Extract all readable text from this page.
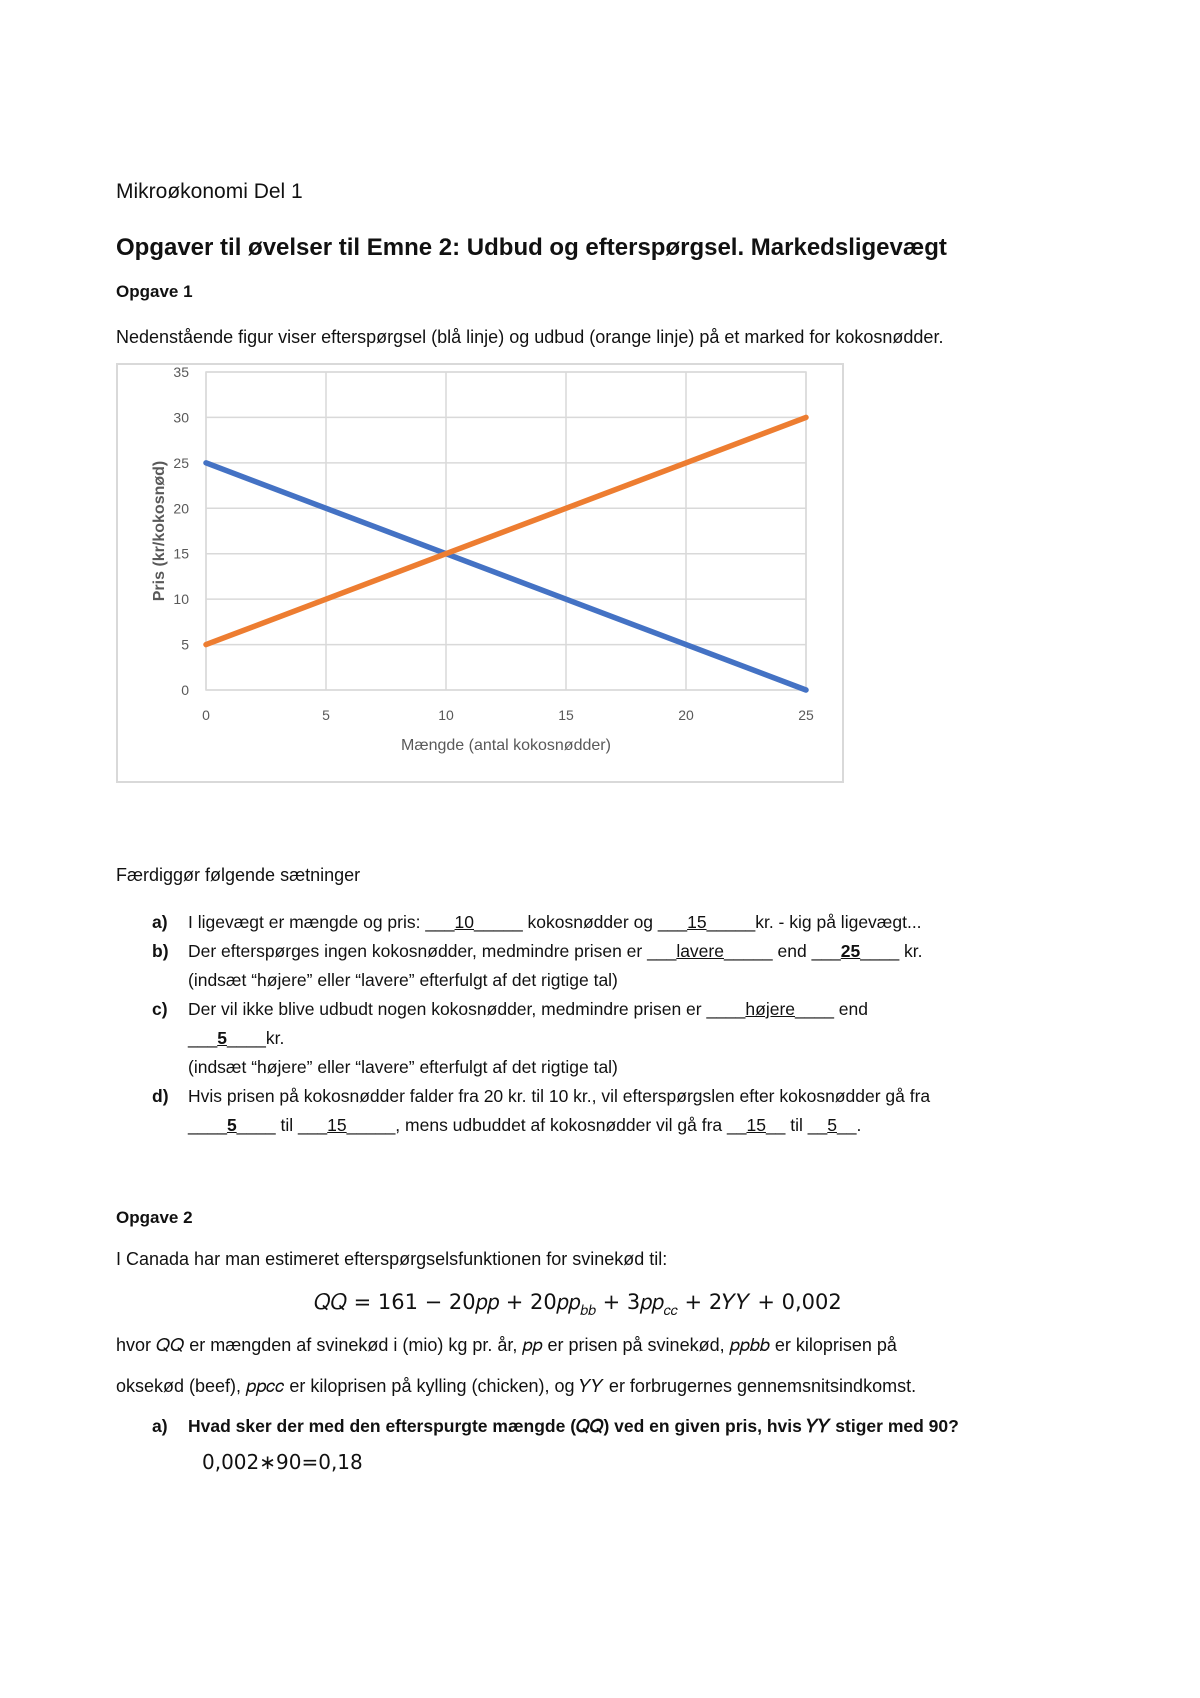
Mikroøkonomi Del 1
Opgaver til øvelser til Emne 2: Udbud og efterspørgsel. Markedsligevægt
Opgave 1
Nedenstående figur viser efterspørgsel (blå linje) og udbud (orange linje) på et marked for kokosnødder.
0
5
10
15
20
25
30
35
0	5	10	15	20	25
Mængde (antal kokosnødder)
Pris (kr/kokosnød)
Færdiggør følgende sætninger
a) I ligevægt er mængde og pris: ___10_____ kokosnødder og ___15_____kr. - kig på ligevægt...
b) Der efterspørges ingen kokosnødder, medmindre prisen er ___lavere_____ end ___25____ kr.
(indsæt “højere” eller “lavere” efterfulgt af det rigtige tal)
c) Der vil ikke blive udbudt nogen kokosnødder, medmindre prisen er ____højere____ end
___5____kr.
(indsæt “højere” eller “lavere” efterfulgt af det rigtige tal)
d) Hvis prisen på kokosnødder falder fra 20 kr. til 10 kr., vil efterspørgslen efter kokosnødder gå fra
____5____ til ___15_____, mens udbuddet af kokosnødder vil gå fra __15__ til __5__.
Opgave 2
I Canada har man estimeret efterspørgselsfunktionen for svinekød til:
𝑄𝑄 = 161 − 20𝑝𝑝 + 20𝑝𝑝$_{𝑏𝑏}$ + 3𝑝𝑝$_{𝑐𝑐}$ + 2𝑌𝑌 + 0,002
hvor 𝑄𝑄 er mængden af svinekød i (mio) kg pr. år, 𝑝𝑝 er prisen på svinekød, 𝑝𝑝𝑏𝑏 er kiloprisen på
oksekød (beef), 𝑝𝑝𝑐𝑐 er kiloprisen på kylling (chicken), og 𝑌𝑌 er forbrugernes gennemsnitsindkomst.
a) Hvad sker der med den efterspurgte mængde (𝑄𝑄) ved en given pris, hvis 𝑌𝑌 stiger med 90?
0,002∗90=0,18
